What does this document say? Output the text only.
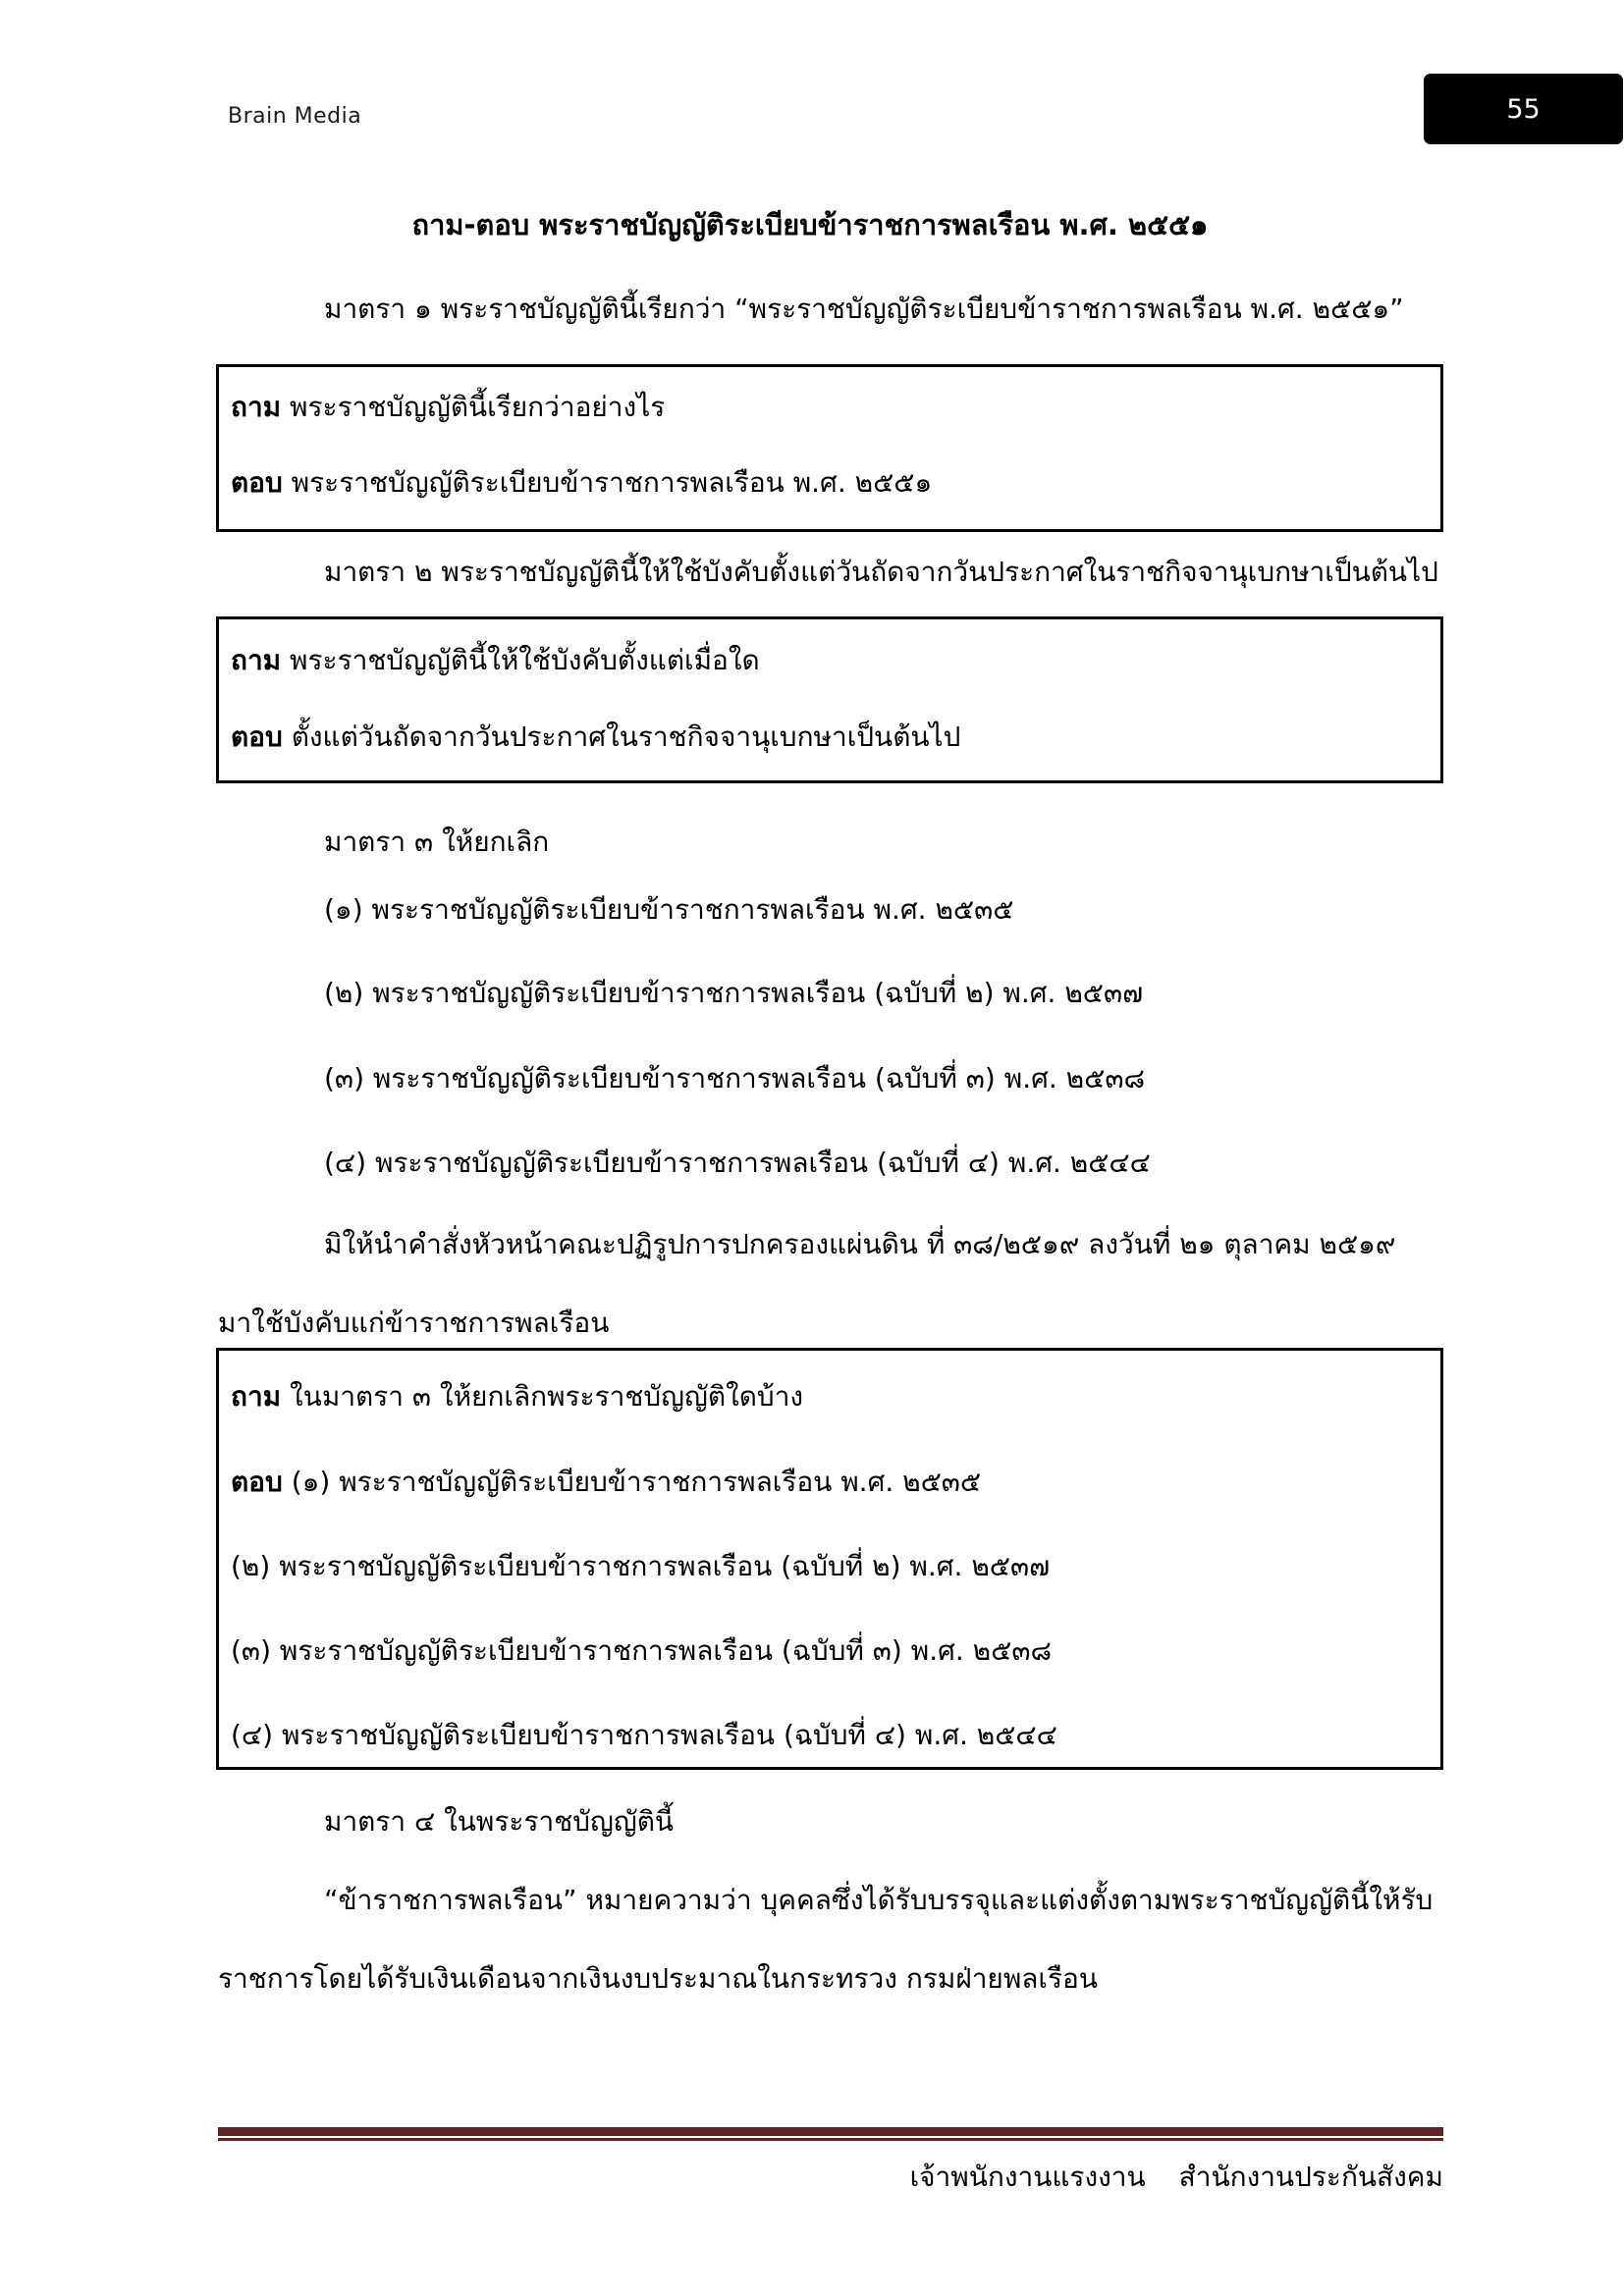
Brain Media	55
ถาม-ตอบ พระราชบัญญัติระเบียบข้าราชการพลเรือน พ.ศ. ๒๕๕๑
มาตรา ๑ พระราชบัญญัตินี้เรียกว่า “พระราชบัญญัติระเบียบข้าราชการพลเรือน พ.ศ. ๒๕๕๑”
ถาม พระราชบัญญัตินี้เรียกว่าอย่างไร
ตอบ พระราชบัญญัติระเบียบข้าราชการพลเรือน พ.ศ. ๒๕๕๑
มาตรา ๒ พระราชบัญญัตินี้ให้ใช้บังคับตั้งแต่วันถัดจากวันประกาศในราชกิจจานุเบกษาเป็นต้นไป
ถาม พระราชบัญญัตินี้ให้ใช้บังคับตั้งแต่เมื่อใด
ตอบ ตั้งแต่วันถัดจากวันประกาศในราชกิจจานุเบกษาเป็นต้นไป
มาตรา ๓ ให้ยกเลิก
(๑) พระราชบัญญัติระเบียบข้าราชการพลเรือน พ.ศ. ๒๕๓๕
(๒) พระราชบัญญัติระเบียบข้าราชการพลเรือน (ฉบับที่ ๒) พ.ศ. ๒๕๓๗
(๓) พระราชบัญญัติระเบียบข้าราชการพลเรือน (ฉบับที่ ๓) พ.ศ. ๒๕๓๘
(๔) พระราชบัญญัติระเบียบข้าราชการพลเรือน (ฉบับที่ ๔) พ.ศ. ๒๕๔๔
มิให้นำคำสั่งหัวหน้าคณะปฏิรูปการปกครองแผ่นดิน ที่ ๓๘/๒๕๑๙ ลงวันที่ ๒๑ ตุลาคม ๒๕๑๙
มาใช้บังคับแก่ข้าราชการพลเรือน
ถาม ในมาตรา ๓ ให้ยกเลิกพระราชบัญญัติใดบ้าง
ตอบ (๑) พระราชบัญญัติระเบียบข้าราชการพลเรือน พ.ศ. ๒๕๓๕
(๒) พระราชบัญญัติระเบียบข้าราชการพลเรือน (ฉบับที่ ๒) พ.ศ. ๒๕๓๗
(๓) พระราชบัญญัติระเบียบข้าราชการพลเรือน (ฉบับที่ ๓) พ.ศ. ๒๕๓๘
(๔) พระราชบัญญัติระเบียบข้าราชการพลเรือน (ฉบับที่ ๔) พ.ศ. ๒๕๔๔
มาตรา ๔ ในพระราชบัญญัตินี้
“ข้าราชการพลเรือน” หมายความว่า บุคคลซึ่งได้รับบรรจุและแต่งตั้งตามพระราชบัญญัตินี้ให้รับ
ราชการโดยได้รับเงินเดือนจากเงินงบประมาณในกระทรวง กรมฝ่ายพลเรือน
เจ้าพนักงานแรงงาน สำนักงานประกันสังคม
